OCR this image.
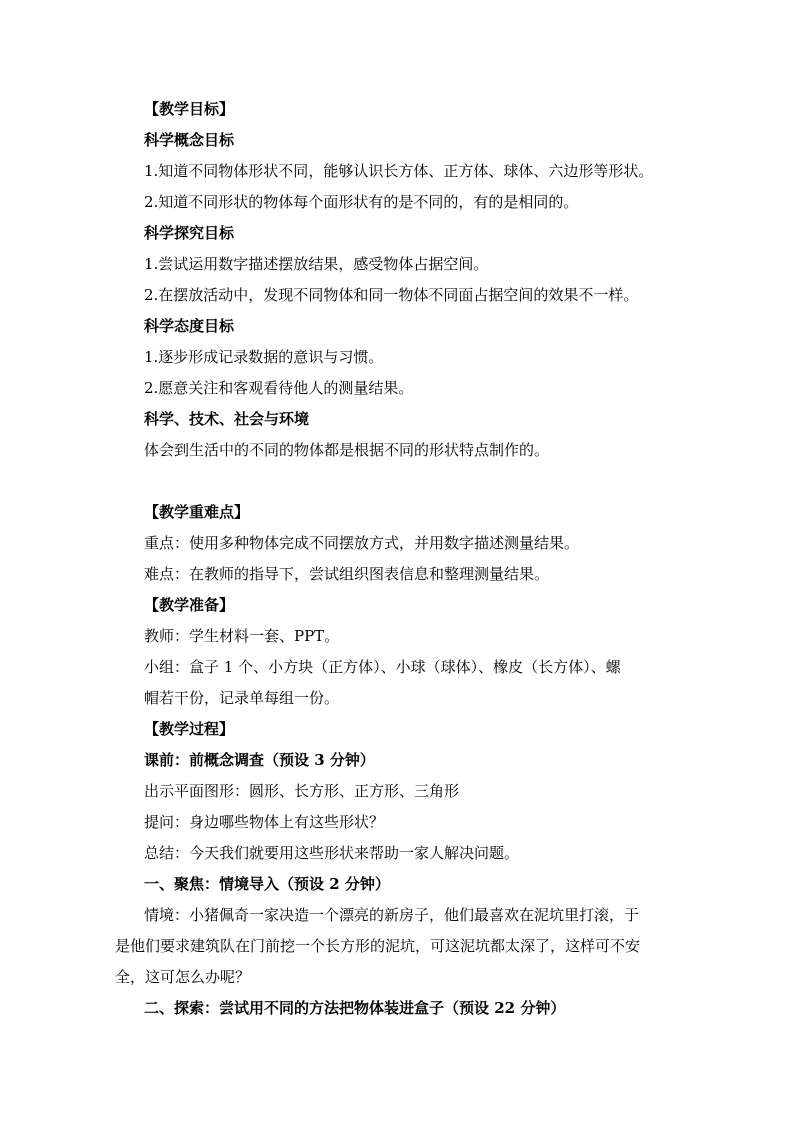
【教学目标】
科学概念目标
1.知道不同物体形状不同，能够认识长方体、正方体、球体、六边形等形状。
2.知道不同形状的物体每个面形状有的是不同的，有的是相同的。
科学探究目标
1.尝试运用数字描述摆放结果，感受物体占据空间。
2.在摆放活动中，发现不同物体和同一物体不同面占据空间的效果不一样。
科学态度目标
1.逐步形成记录数据的意识与习惯。
2.愿意关注和客观看待他人的测量结果。
科学、技术、社会与环境
体会到生活中的不同的物体都是根据不同的形状特点制作的。
【教学重难点】
重点：使用多种物体完成不同摆放方式，并用数字描述测量结果。
难点：在教师的指导下，尝试组织图表信息和整理测量结果。
【教学准备】
教师：学生材料一套、PPT。
小组：盒子 1 个、小方块（正方体）、小球（球体）、橡皮（长方体）、螺
帽若干份，记录单每组一份。
【教学过程】
课前：前概念调查（预设 3 分钟）
出示平面图形：圆形、长方形、正方形、三角形
提问：身边哪些物体上有这些形状？
总结：今天我们就要用这些形状来帮助一家人解决问题。
一、聚焦：情境导入（预设 2 分钟）
情境：小猪佩奇一家决造一个漂亮的新房子，他们最喜欢在泥坑里打滚，于
是他们要求建筑队在门前挖一个长方形的泥坑，可这泥坑都太深了，这样可不安
全，这可怎么办呢？
二、探索：尝试用不同的方法把物体装进盒子（预设 22 分钟）
